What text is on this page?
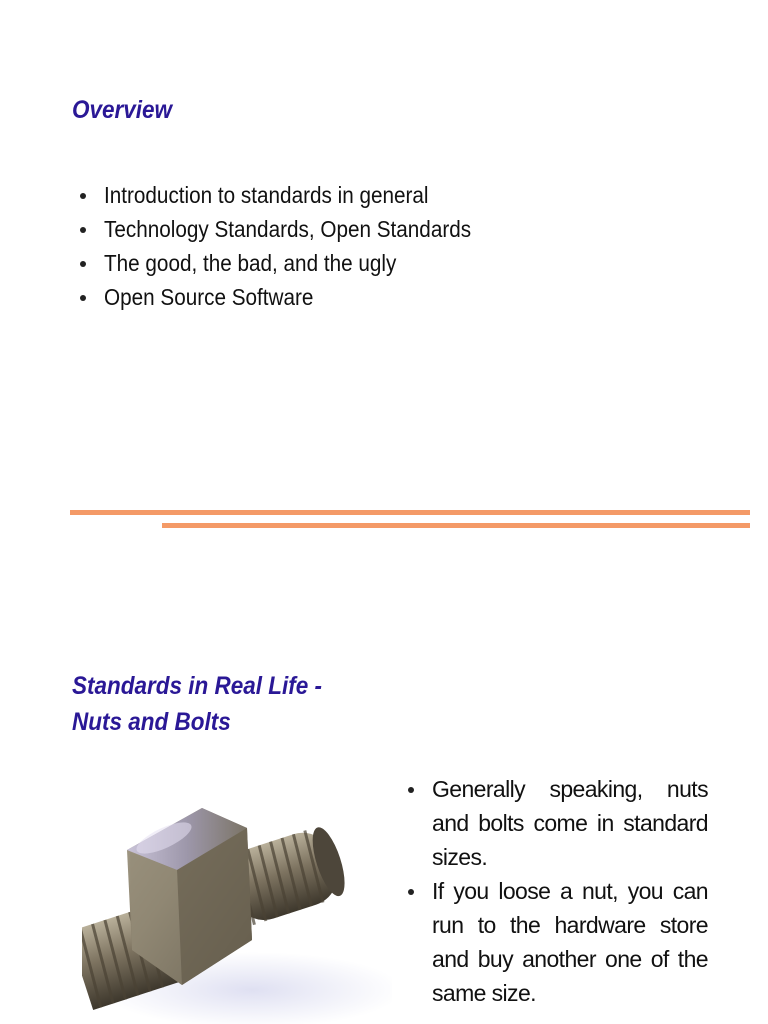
Overview
Introduction to standards in general
Technology Standards, Open Standards
The good, the bad, and the ugly
Open Source Software
Standards in Real Life -
Nuts and Bolts
Generally speaking, nuts and bolts come in standard sizes.
If you loose a nut, you can run to the hardware store and buy another one of the same size.
